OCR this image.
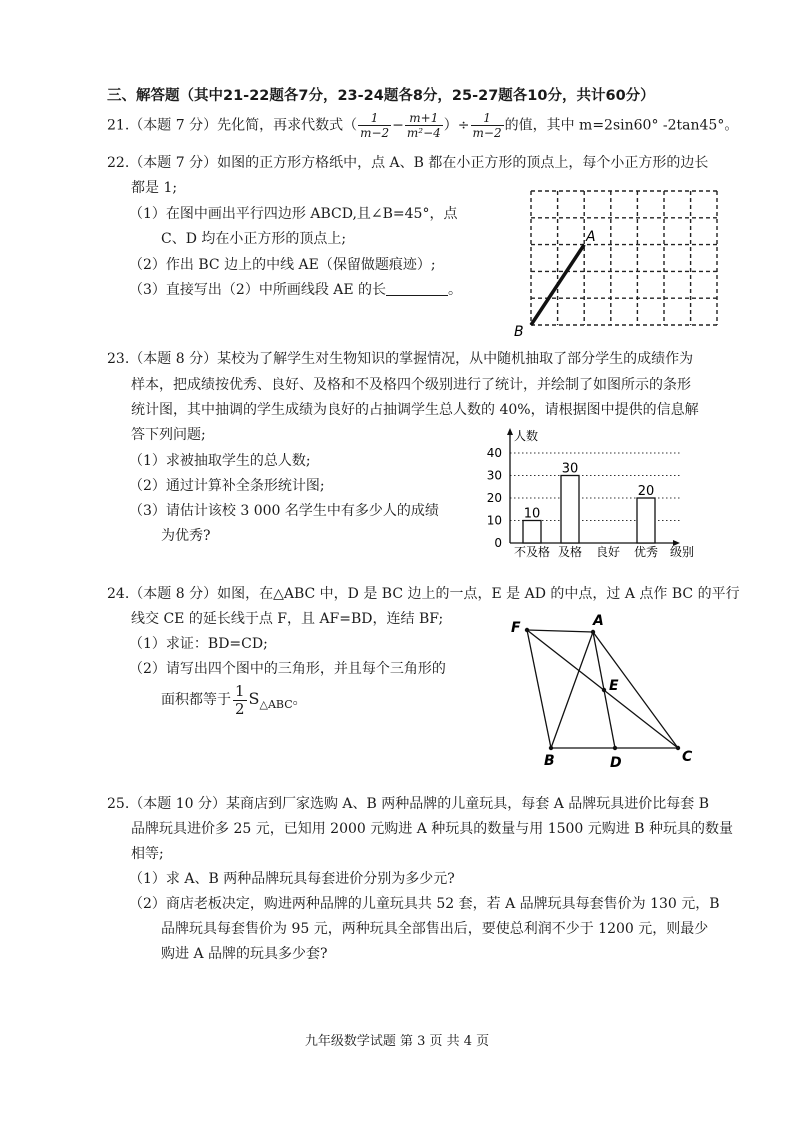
三、解答题（其中21-22题各7分，23-24题各8分，25-27题各10分，共计60分）
21.（本题 7 分）先化简，再求代数式（ $\frac{1}{m-2} - \frac{m+1}{\text{m²−4}}$ ）÷ $\frac{1}{m-2}$ 的值，其中 m=2sin60° -2tan45°。
22.（本题 7 分）如图的正方形方格纸中，点 A、B 都在小正方形的顶点上，每个小正方形的边长
都是 1;
（1）在图中画出平行四边形 ABCD,且∠B=45°，点
C、D 均在小正方形的顶点上;
（2）作出 BC 边上的中线 AE（保留做题痕迹）;
（3）直接写出（2）中所画线段 AE 的长	。
A
B
23.（本题 8 分）某校为了解学生对生物知识的掌握情况，从中随机抽取了部分学生的成绩作为
样本，把成绩按优秀、良好、及格和不及格四个级别进行了统计，并绘制了如图所示的条形
统计图，其中抽调的学生成绩为良好的占抽调学生总人数的 40%，请根据图中提供的信息解
答下列问题;
（1）求被抽取学生的总人数;
（2）通过计算补全条形统计图;
（3）请估计该校 3 000 名学生中有多少人的成绩
为优秀?
人数
级别
0
10
20
30
40
不及格 及格 良好 优秀
10
30
20
24.（本题 8 分）如图，在△ABC 中，D 是 BC 边上的一点，E 是 AD 的中点，过 A 点作 BC 的平行
线交 CE 的延长线于点 F，且 AF=BD，连结 BF;
（1）求证：BD=CD;
（2）请写出四个图中的三角形，并且每个三角形的
面积都等于 $\frac{1}{2} S_{\triangle ABC}$。
F	A
E
B	D	C
25.（本题 10 分）某商店到厂家选购 A、B 两种品牌的儿童玩具，每套 A 品牌玩具进价比每套 B
品牌玩具进价多 25 元，已知用 2000 元购进 A 种玩具的数量与用 1500 元购进 B 种玩具的数量
相等;
（1）求 A、B 两种品牌玩具每套进价分别为多少元?
（2）商店老板决定，购进两种品牌的儿童玩具共 52 套，若 A 品牌玩具每套售价为 130 元，B
品牌玩具每套售价为 95 元，两种玩具全部售出后，要使总利润不少于 1200 元，则最少
购进 A 品牌的玩具多少套?
九年级数学试题 第 3 页 共 4 页
